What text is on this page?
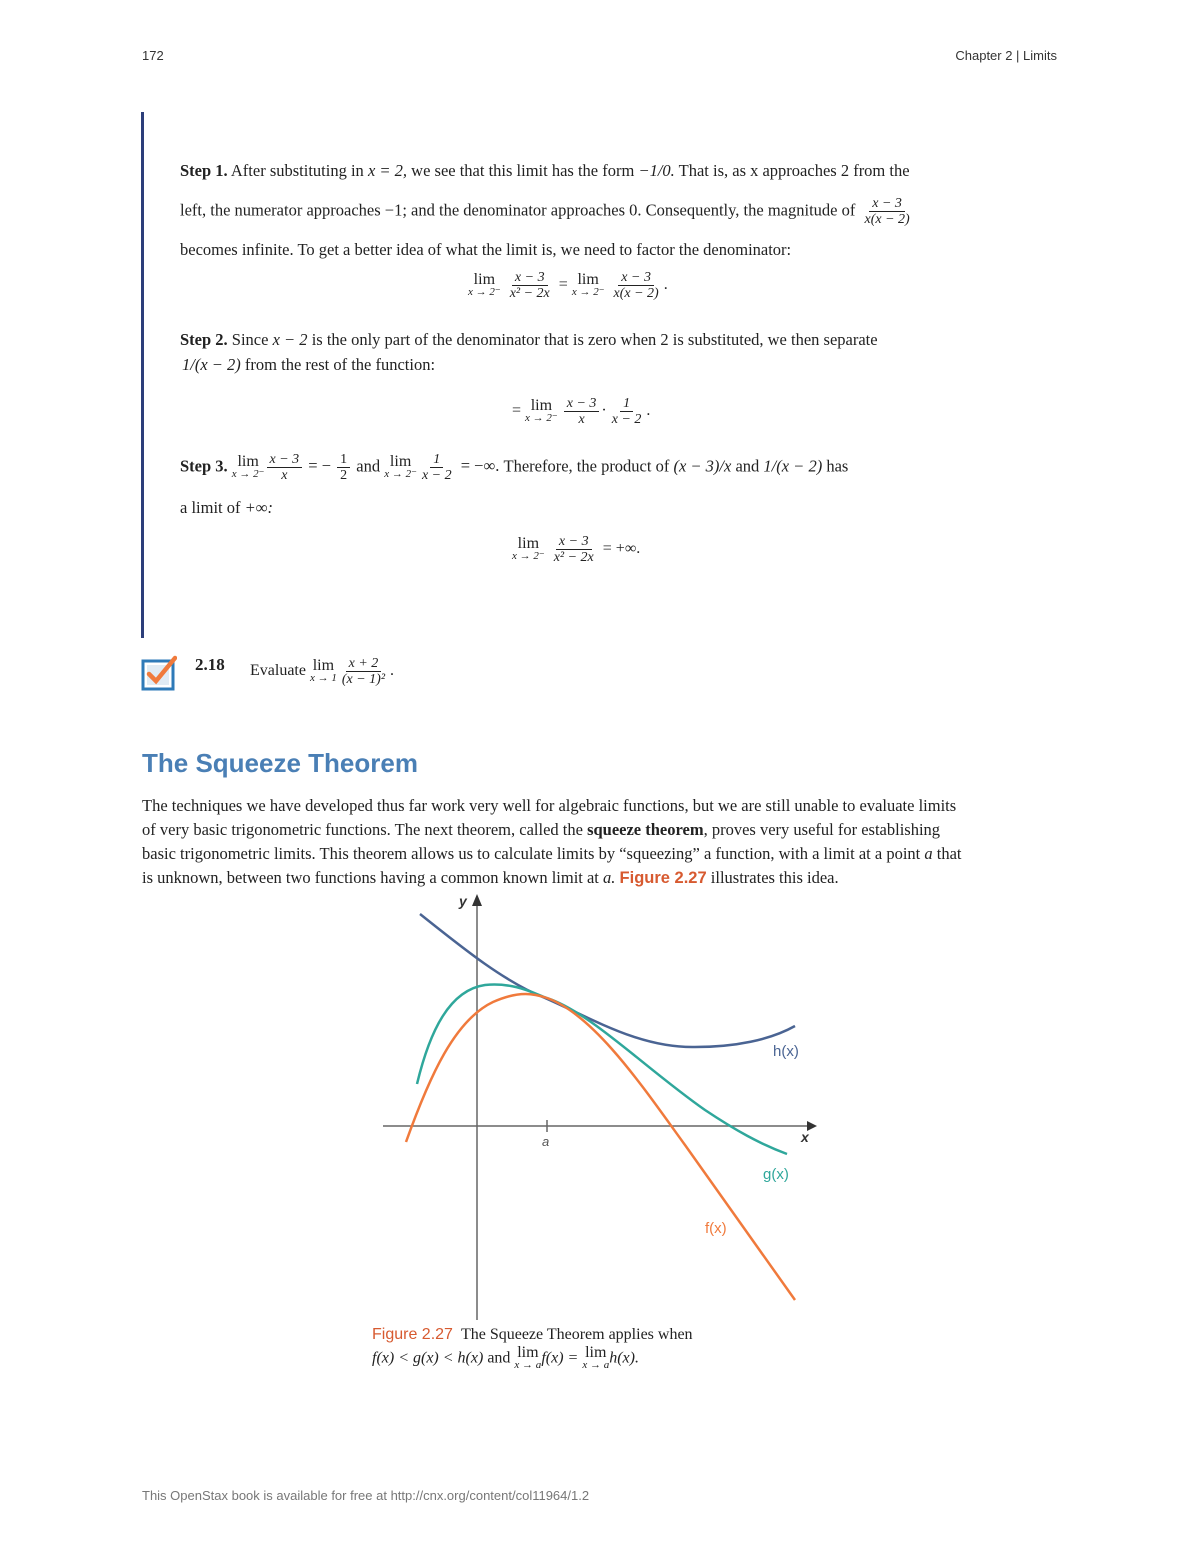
172	Chapter 2 | Limits
Step 1. After substituting in x = 2, we see that this limit has the form −1/0. That is, as x approaches 2 from the
left, the numerator approaches −1; and the denominator approaches 0. Consequently, the magnitude of $\frac{x - 3}{x(x - 2)}$
becomes infinite. To get a better idea of what the limit is, we need to factor the denominator:
lim
x → 2⁻
$\frac{x - 3}{\text{x² − 2x}} = \lim$
x → 2⁻
$\frac{x - 3}{x(x - 2)}$ .
Step 2. Since x − 2 is the only part of the denominator that is zero when 2 is substituted, we then separate
1/(x − 2) from the rest of the function:
= lim
x → 2⁻
$\frac{x - 3}{x} \cdot \frac{1}{x - 2}$ .
Step 3. lim
$x \to 2^- \frac{x - 3}{x}$ = − $\frac{1}{2}$ and lim
$x \to 2^- \frac{1}{x - 2}$ = −∞. Therefore, the product of (x − 3)/x and 1/(x − 2) has
a limit of +∞:
lim
x → 2⁻
$\frac{x - 3}{\text{x² − 2x}}$ = +∞.
2.18 Evaluate lim
$x \to 1 \frac{x + 2}{\text{(x − 1)²}}$ .
The Squeeze Theorem
The techniques we have developed thus far work very well for algebraic functions, but we are still unable to evaluate limits
of very basic trigonometric functions. The next theorem, called the squeeze theorem, proves very useful for establishing
basic trigonometric limits. This theorem allows us to calculate limits by “squeezing” a function, with a limit at a point a that
is unknown, between two functions having a common known limit at a. Figure 2.27 illustrates this idea.
y
x
a
h(x)
g(x)
f(x)
Figure 2.27 The Squeeze Theorem applies when
f(x) < g(x) < h(x) and lim
x → a f(x) = lim
x → a h(x).
This OpenStax book is available for free at http://cnx.org/content/col11964/1.2
